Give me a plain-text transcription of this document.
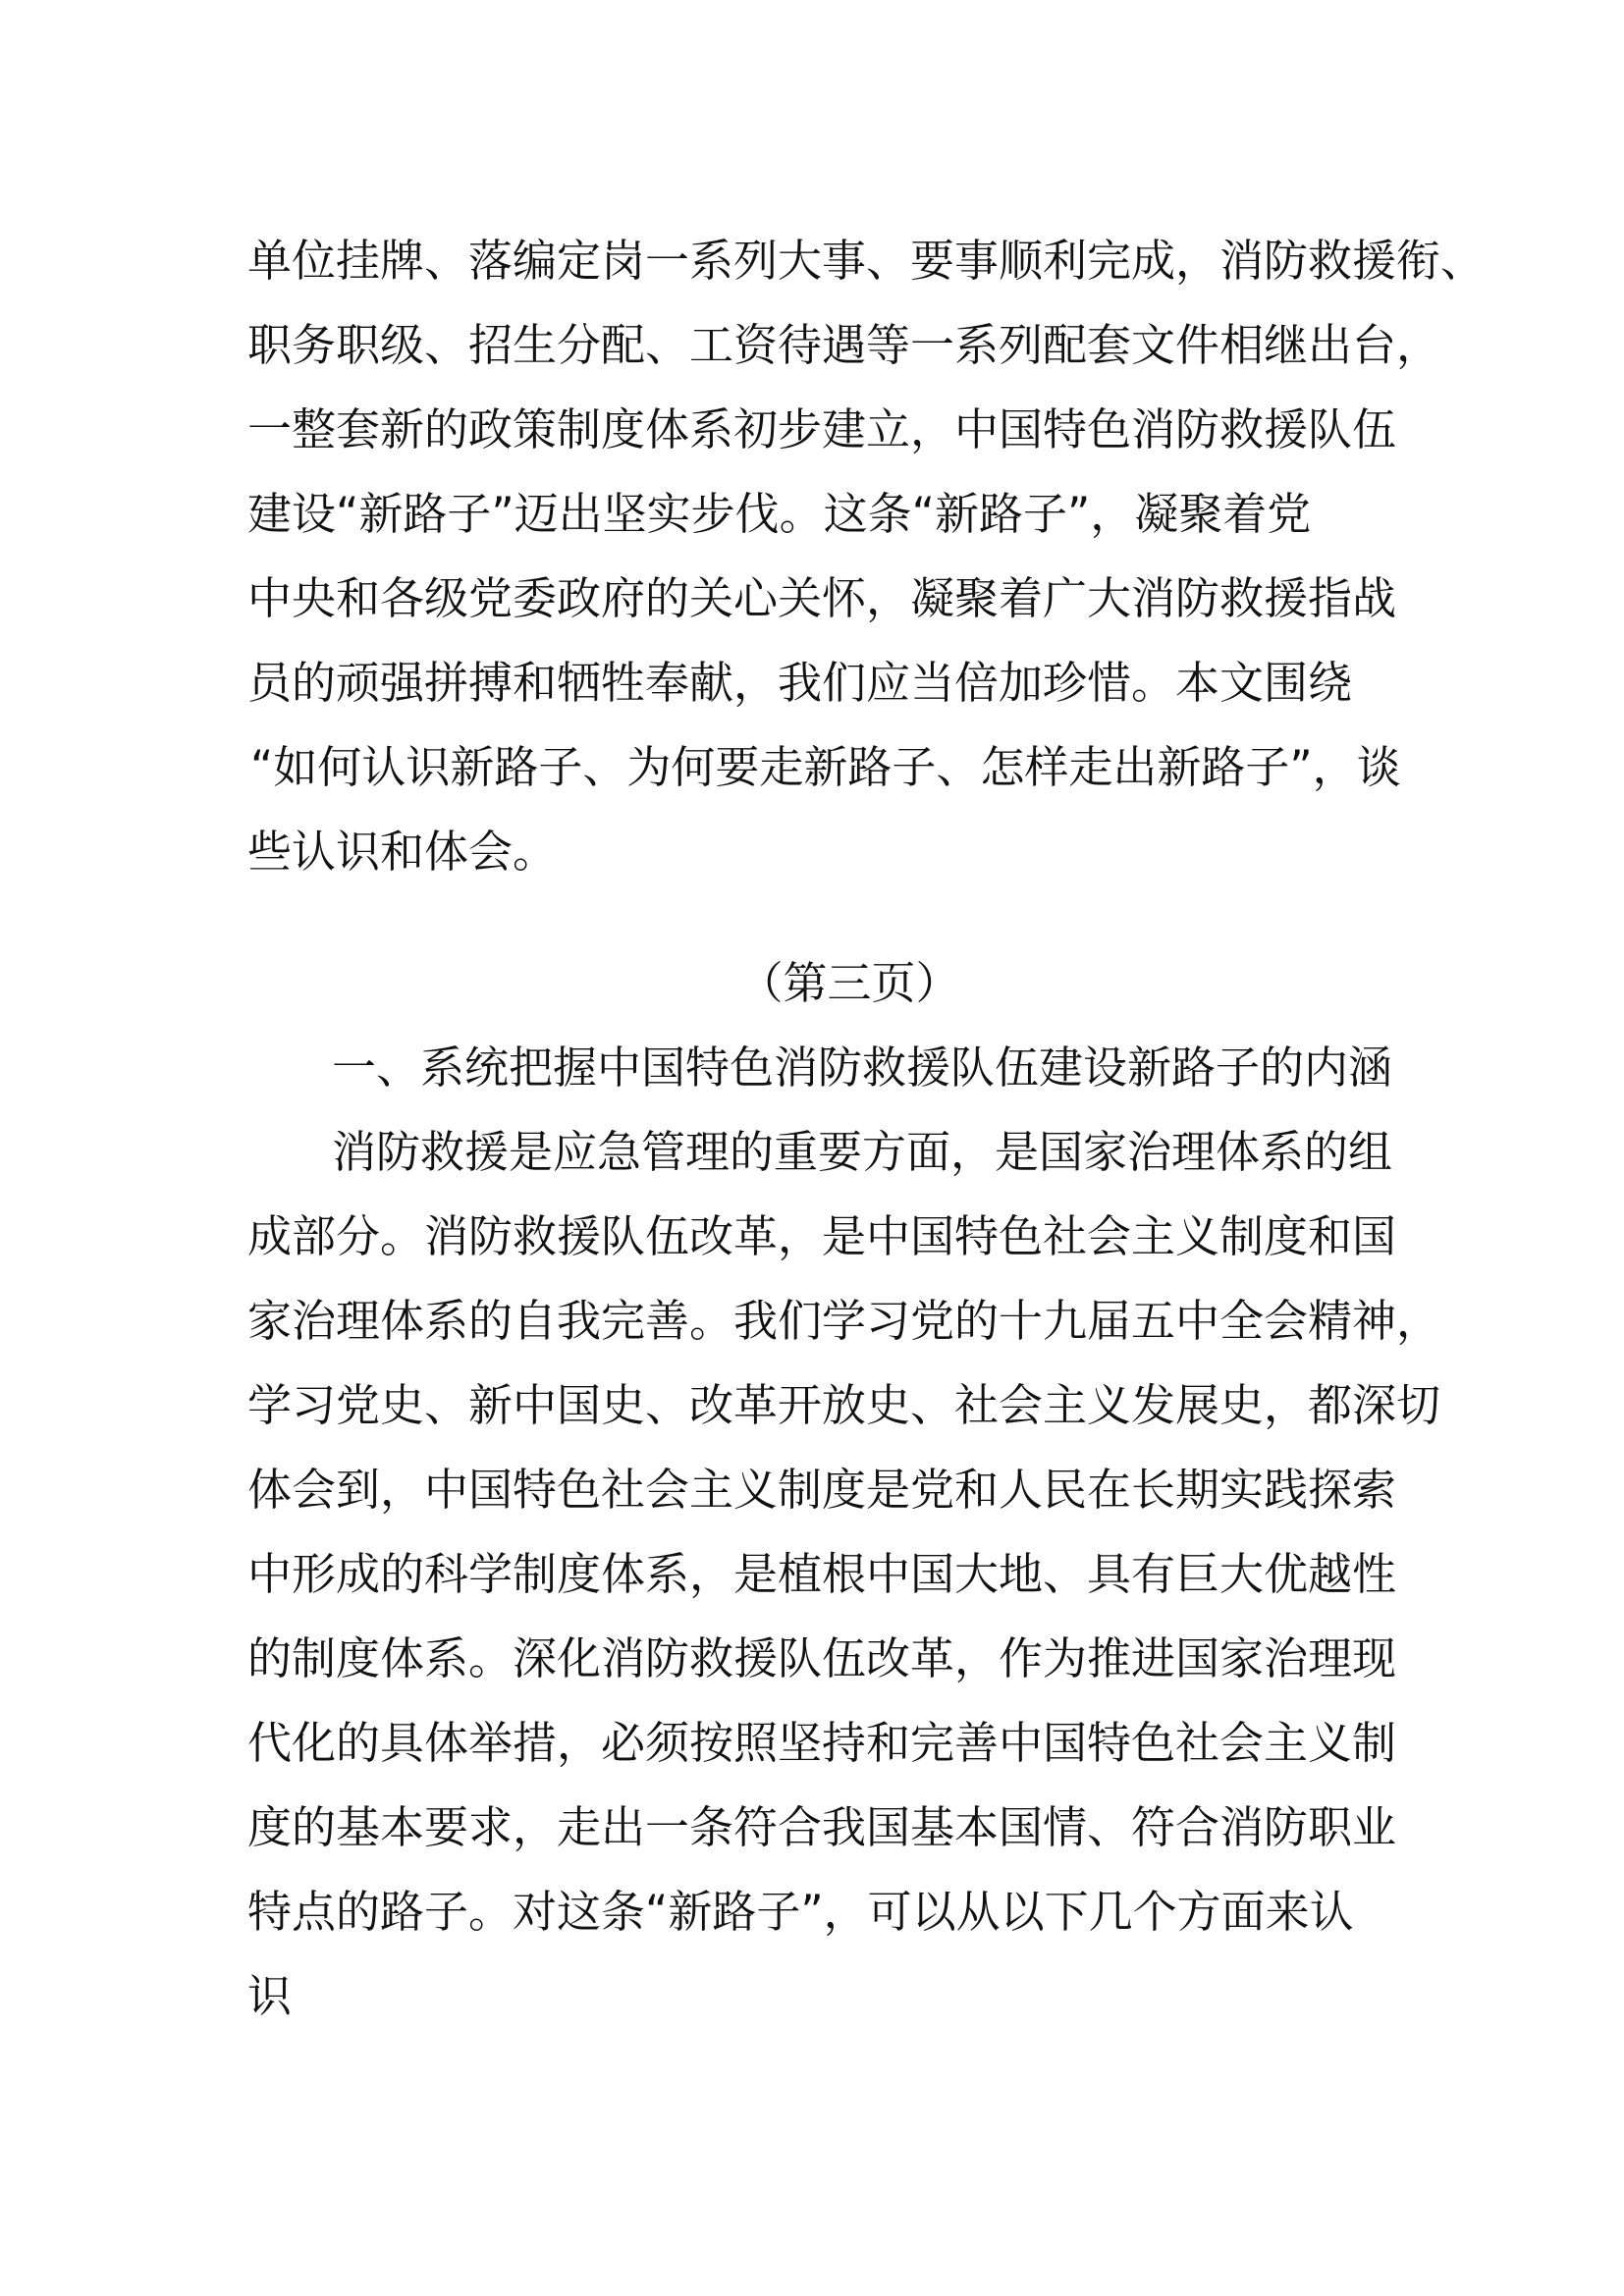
单位挂牌、落编定岗一系列大事、要事顺利完成，消防救援衔、
职务职级、招生分配、工资待遇等一系列配套文件相继出台，
一整套新的政策制度体系初步建立，中国特色消防救援队伍
建设“新路子”迈出坚实步伐。这条“新路子”，凝聚着党
中央和各级党委政府的关心关怀，凝聚着广大消防救援指战
员的顽强拼搏和牺牲奉献，我们应当倍加珍惜。本文围绕
“如何认识新路子、为何要走新路子、怎样走出新路子”，谈
些认识和体会。
（第三页）
一、系统把握中国特色消防救援队伍建设新路子的内涵
消防救援是应急管理的重要方面，是国家治理体系的组
成部分。消防救援队伍改革，是中国特色社会主义制度和国
家治理体系的自我完善。我们学习党的十九届五中全会精神，
学习党史、新中国史、改革开放史、社会主义发展史，都深切
体会到，中国特色社会主义制度是党和人民在长期实践探索
中形成的科学制度体系，是植根中国大地、具有巨大优越性
的制度体系。深化消防救援队伍改革，作为推进国家治理现
代化的具体举措，必须按照坚持和完善中国特色社会主义制
度的基本要求，走出一条符合我国基本国情、符合消防职业
特点的路子。对这条“新路子”，可以从以下几个方面来认
识
